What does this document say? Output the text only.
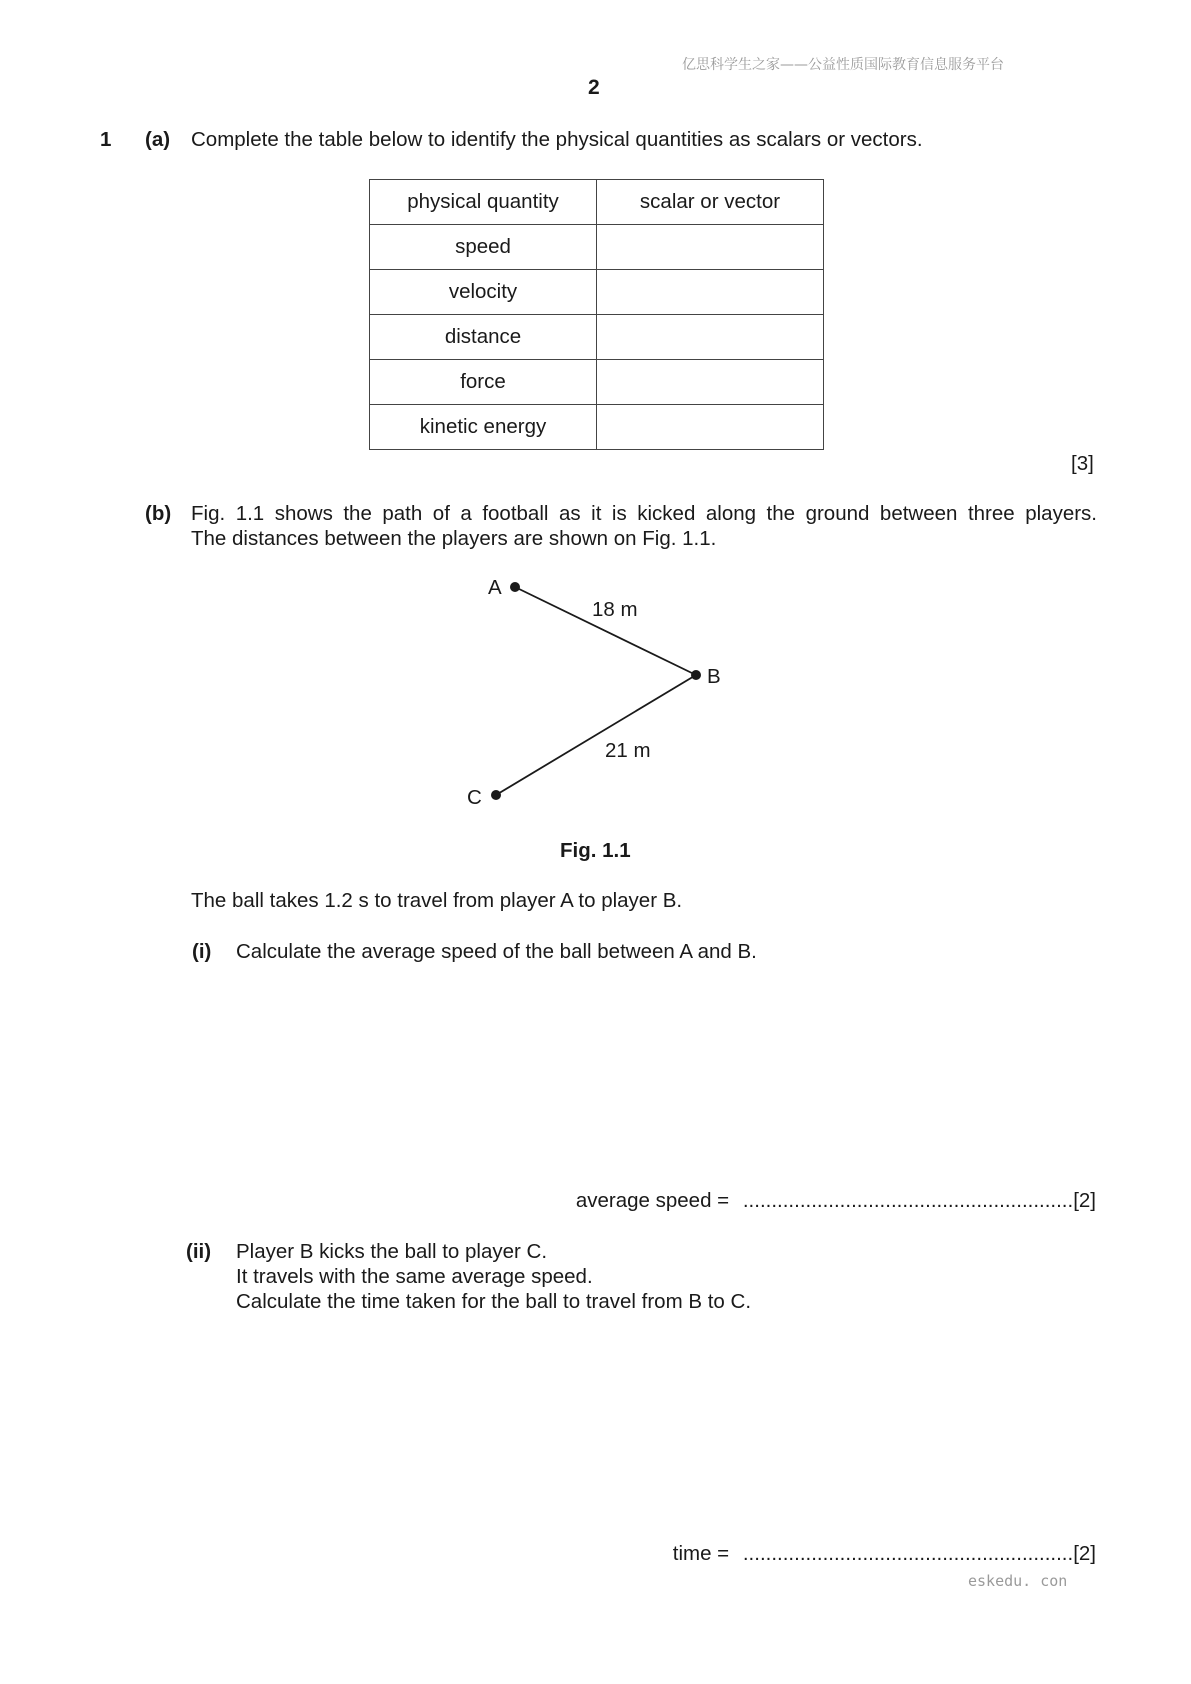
亿思科学生之家——公益性质国际教育信息服务平台
2
1 (a) Complete the table below to identify the physical quantities as scalars or vectors.
physical quantity	scalar or vector
speed	
velocity	
distance	
force	
kinetic energy	
[3]
(b) Fig. 1.1 shows the path of a football as it is kicked along the ground between three players.
The distances between the players are shown on Fig. 1.1.
A
B
C
18 m
21 m
Fig. 1.1
The ball takes 1.2 s to travel from player A to player B.
(i) Calculate the average speed of the ball between A and B.
average speed = ..........................................................[2]
(ii) Player B kicks the ball to player C.
It travels with the same average speed.
Calculate the time taken for the ball to travel from B to C.
time = ..........................................................[2]
eskedu. con
